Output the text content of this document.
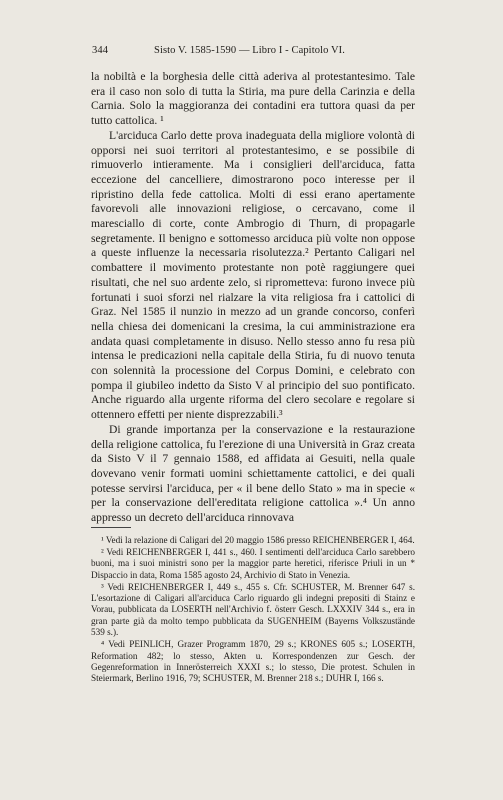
344	Sisto V. 1585-1590 — Libro I - Capitolo VI.

la nobiltà e la borghesia delle città aderiva al protestantesimo. Tale era il caso non solo di tutta la Stiria, ma pure della Carinzia e della Carnia. Solo la maggioranza dei contadini era tuttora quasi da per tutto cattolica. ¹

L'arciduca Carlo dette prova inadeguata della migliore volontà di opporsi nei suoi territori al protestantesimo, e se possibile di rimuoverlo intieramente. Ma i consiglieri dell'arciduca, fatta eccezione del cancelliere, dimostrarono poco interesse per il ripristino della fede cattolica. Molti di essi erano apertamente favorevoli alle innovazioni religiose, o cercavano, come il maresciallo di corte, conte Ambrogio di Thurn, di propagarle segretamente. Il benigno e sottomesso arciduca più volte non oppose a queste influenze la necessaria risolutezza.² Pertanto Caligari nel combattere il movimento protestante non potè raggiungere quei risultati, che nel suo ardente zelo, si riprometteva: furono invece più fortunati i suoi sforzi nel rialzare la vita religiosa fra i cattolici di Graz. Nel 1585 il nunzio in mezzo ad un grande concorso, conferì nella chiesa dei domenicani la cresima, la cui amministrazione era andata quasi completamente in disuso. Nello stesso anno fu resa più intensa le predicazioni nella capitale della Stiria, fu di nuovo tenuta con solennità la processione del Corpus Domini, e celebrato con pompa il giubileo indetto da Sisto V al principio del suo pontificato. Anche riguardo alla urgente riforma del clero secolare e regolare si ottennero effetti per niente disprezzabili.³

Di grande importanza per la conservazione e la restaurazione della religione cattolica, fu l'erezione di una Università in Graz creata da Sisto V il 7 gennaio 1588, ed affidata ai Gesuiti, nella quale dovevano venir formati uomini schiettamente cattolici, e dei quali potesse servirsi l'arciduca, per « il bene dello Stato » ma in specie « per la conservazione dell'ereditata religione cattolica ».⁴ Un anno appresso un decreto dell'arciduca rinnovava

¹ Vedi la relazione di Caligari del 20 maggio 1586 presso REICHENBERGER I, 464.

² Vedi REICHENBERGER I, 441 s., 460. I sentimenti dell'arciduca Carlo sarebbero buoni, ma i suoi ministri sono per la maggior parte heretici, riferisce Priuli in un * Dispaccio in data, Roma 1585 agosto 24, Archivio di Stato in Venezia.

³ Vedi REICHENBERGER I, 449 s., 455 s. Cfr. SCHUSTER, M. Brenner 647 s. L'esortazione di Caligari all'arciduca Carlo riguardo gli indegni prepositi di Stainz e Vorau, pubblicata da LOSERTH nell'Archivio f. österr Gesch. LXXXIV 344 s., era in gran parte già da molto tempo pubblicata da SUGENHEIM (Bayerns Volkszustände 539 s.).

⁴ Vedi PEINLICH, Grazer Programm 1870, 29 s.; KRONES 605 s.; LOSERTH, Reformation 482; lo stesso, Akten u. Korrespondenzen zur Gesch. der Gegenreformation in Innerösterreich XXXI s.; lo stesso, Die protest. Schulen in Steiermark, Berlino 1916, 79; SCHUSTER, M. Brenner 218 s.; DUHR I, 166 s.
